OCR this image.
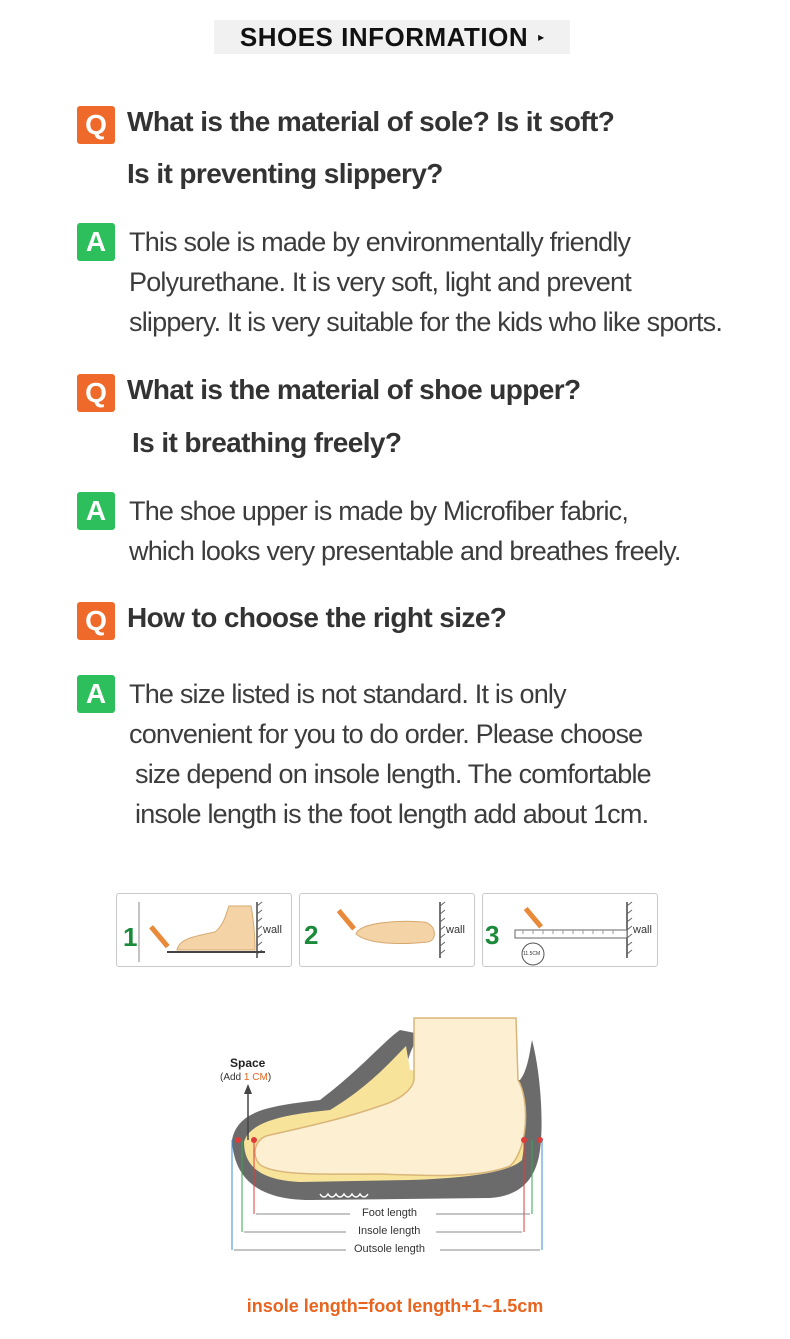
SHOES INFORMATION ▸
Q What is the material of sole? Is it soft?
Is it preventing slippery?
A This sole is made by environmentally friendly
Polyurethane. It is very soft, light and prevent
slippery. It is very suitable for the kids who like sports.
Q What is the material of shoe upper?
Is it breathing freely?
A The shoe upper is made by Microfiber fabric,
which looks very presentable and breathes freely.
Q How to choose the right size?
A The size listed is not standard. It is only
convenient for you to do order. Please choose
size depend on insole length. The comfortable
insole length is the foot length add about 1cm.
1	wall 2	wall 3	wall
11.5CM
Space
(Add 1 CM)
Foot length
Insole length
Outsole length
insole length=foot length+1~1.5cm
